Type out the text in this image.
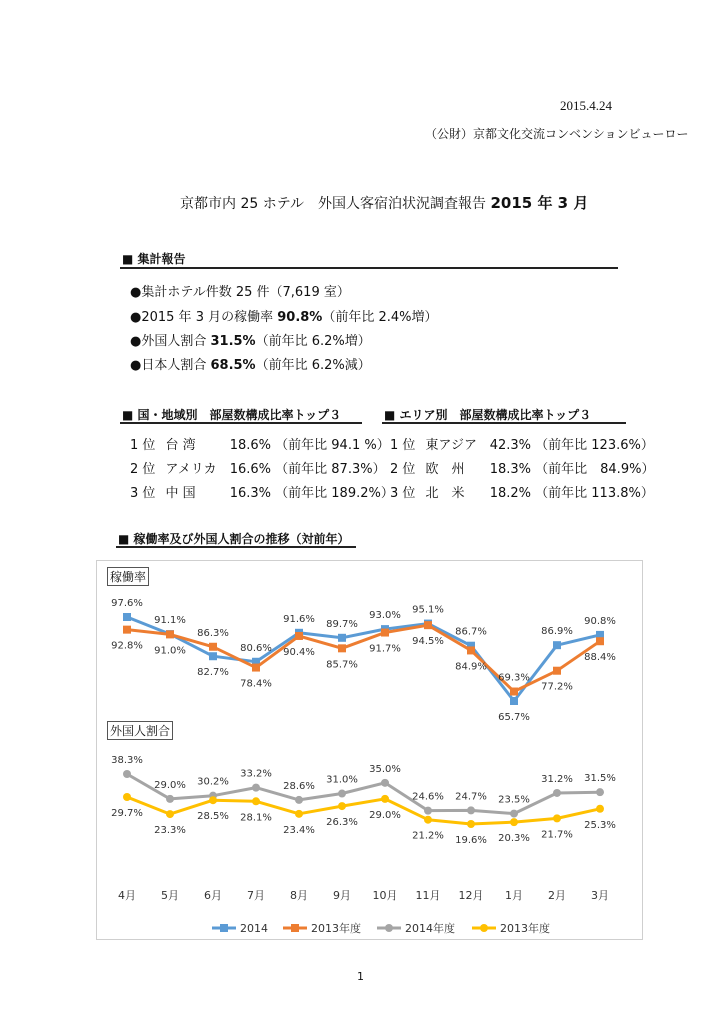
2015.4.24
（公財）京都文化交流コンベンションビューロー
京都市内 25 ホテル　外国人客宿泊状況調査報告 2015 年 3 月
■ 集計報告
●集計ホテル件数 25 件（7,619 室）
●2015 年 3 月の稼働率 90.8%（前年比 2.4%増）
●外国人割合 31.5%（前年比 6.2%増）
●日本人割合 68.5%（前年比 6.2%減）
■ 国・地域別　部屋数構成比率トップ３
1 位 台 湾	18.6% （前年比 94.1 %）
2 位 アメリカ 16.6% （前年比 87.3%）
3 位 中 国	16.3% （前年比 189.2%）
■ エリア別　部屋数構成比率トップ３
1 位 東アジア 42.3% （前年比 123.6%）
2 位 欧　州 18.3% （前年比　84.9%）
3 位 北　米 18.2% （前年比 113.8%）
■ 稼働率及び外国人割合の推移（対前年）
稼働率
外国人割合
97.6%
91.1%
82.7%
80.6%
91.6% 89.7%
93.0% 95.1%
86.7%
65.7%
86.9%
90.8%
92.8% 91.0%
86.3%
78.4%
90.4%
85.7%
91.7%
94.5%
84.9%
69.3%
77.2%
88.4%
38.3%
29.0% 30.2%
33.2%
28.6%
31.0%
35.0%
24.6% 24.7% 23.5%
31.2% 31.5%
29.7%
23.3%
28.5% 28.1%
23.4%
26.3%
29.0%
21.2% 19.6% 20.3% 21.7%
25.3%
4月 5月 6月 7月 8月 9月 10月 11月 12月 1月 2月 3月
2014	2013年度	2014年度	2013年度
1
